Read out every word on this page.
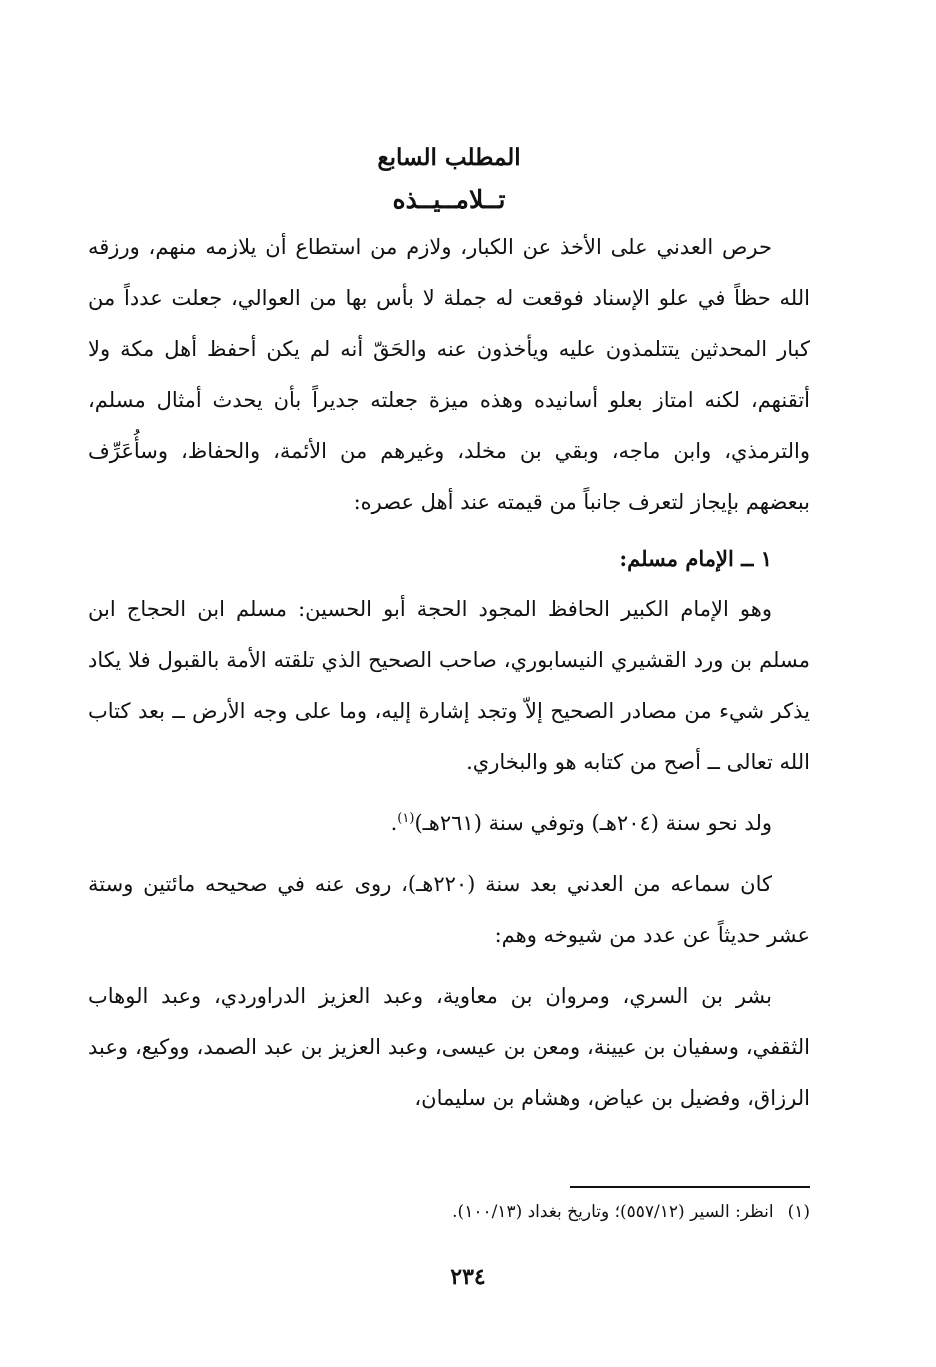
المطلب السابع
تــلامــيــذه

حرص العدني على الأخذ عن الكبار، ولازم من استطاع أن يلازمه منهم، ورزقه الله حظاً في علو الإسناد فوقعت له جملة لا بأس بها من العوالي، جعلت عدداً من كبار المحدثين يتتلمذون عليه ويأخذون عنه والحَقّ أنه لم يكن أحفظ أهل مكة ولا أتقنهم، لكنه امتاز بعلو أسانيده وهذه ميزة جعلته جديراً بأن يحدث أمثال مسلم، والترمذي، وابن ماجه، وبقي بن مخلد، وغيرهم من الأئمة، والحفاظ، وسأُعَرِّف ببعضهم بإيجاز لتعرف جانباً من قيمته عند أهل عصره:

١ ــ الإمام مسلم:

وهو الإمام الكبير الحافظ المجود الحجة أبو الحسين: مسلم ابن الحجاج ابن مسلم بن ورد القشيري النيسابوري، صاحب الصحيح الذي تلقته الأمة بالقبول فلا يكاد يذكر شيء من مصادر الصحيح إلاّ وتجد إشارة إليه، وما على وجه الأرض ــ بعد كتاب الله تعالى ــ أصح من كتابه هو والبخاري.

ولد نحو سنة (٢٠٤هـ) وتوفي سنة (٢٦١هـ)$^{(١)}$.

كان سماعه من العدني بعد سنة (٢٢٠هـ)، روى عنه في صحيحه مائتين وستة عشر حديثاً عن عدد من شيوخه وهم:

بشر بن السري، ومروان بن معاوية، وعبد العزيز الدراوردي، وعبد الوهاب الثقفي، وسفيان بن عيينة، ومعن بن عيسى، وعبد العزيز بن عبد الصمد، ووكيع، وعبد الرزاق، وفضيل بن عياض، وهشام بن سليمان،

(١)انظر: السير (٥٥٧/١٢)؛ وتاريخ بغداد (١٠٠/١٣).

٢٣٤
